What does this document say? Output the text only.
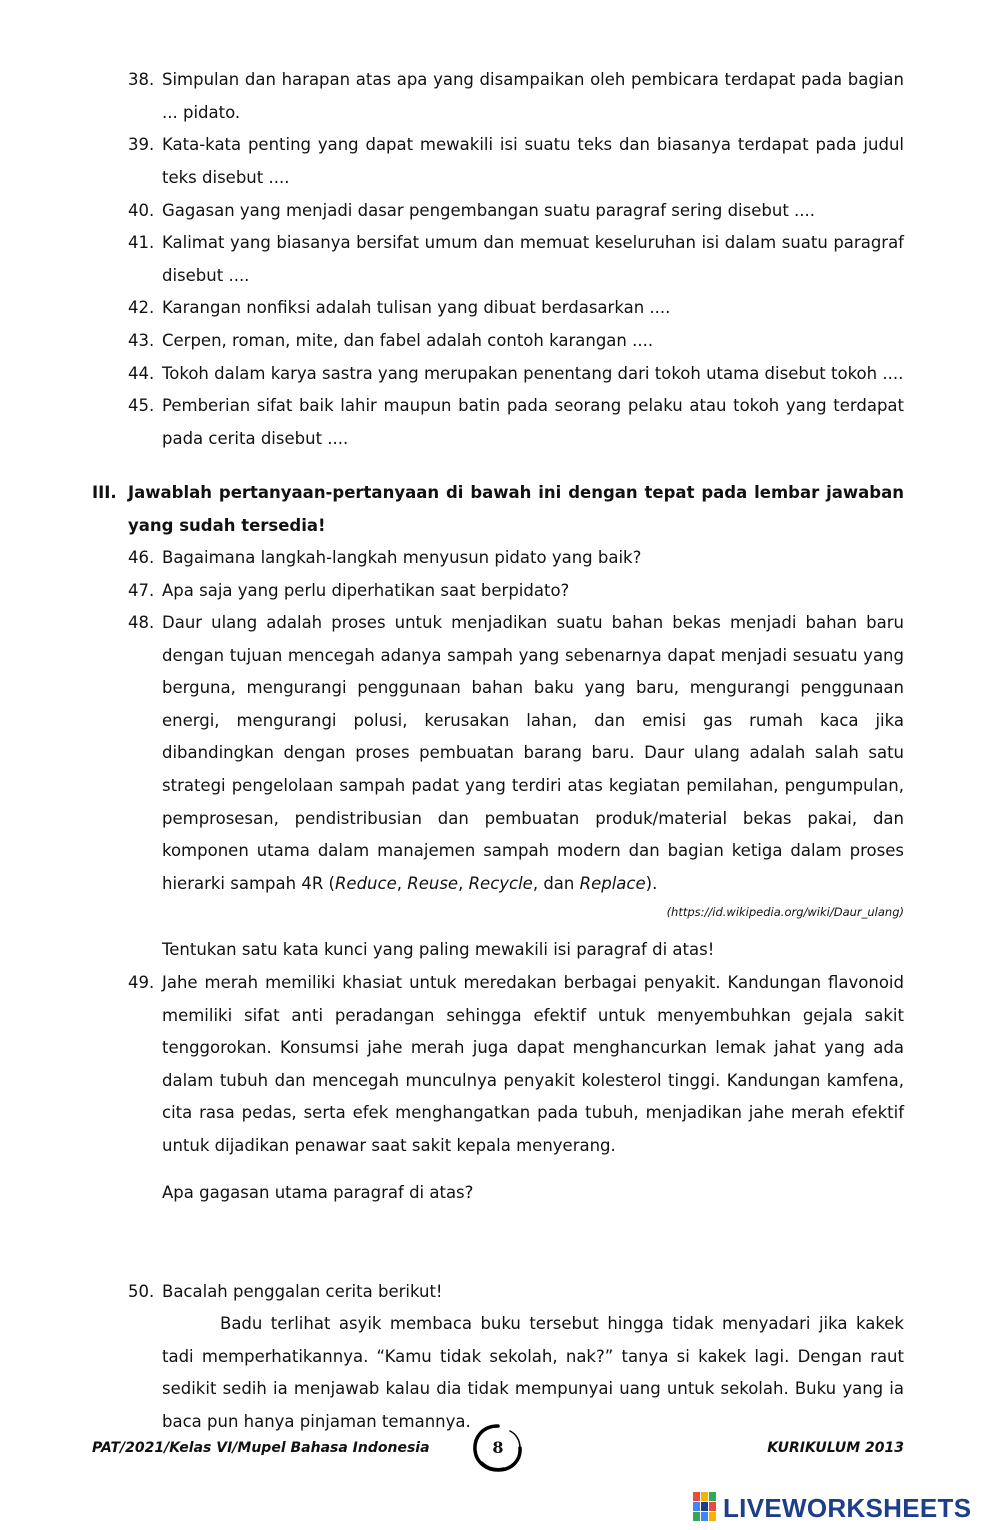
38. Simpulan dan harapan atas apa yang disampaikan oleh pembicara terdapat pada bagian ... pidato.
39. Kata-kata penting yang dapat mewakili isi suatu teks dan biasanya terdapat pada judul teks disebut ....
40. Gagasan yang menjadi dasar pengembangan suatu paragraf sering disebut ....
41. Kalimat yang biasanya bersifat umum dan memuat keseluruhan isi dalam suatu paragraf disebut ....
42. Karangan nonfiksi adalah tulisan yang dibuat berdasarkan ....
43. Cerpen, roman, mite, dan fabel adalah contoh karangan ....
44. Tokoh dalam karya sastra yang merupakan penentang dari tokoh utama disebut tokoh ....
45. Pemberian sifat baik lahir maupun batin pada seorang pelaku atau tokoh yang terdapat pada cerita disebut ....
III. Jawablah pertanyaan-pertanyaan di bawah ini dengan tepat pada lembar jawaban yang sudah tersedia!
46. Bagaimana langkah-langkah menyusun pidato yang baik?
47. Apa saja yang perlu diperhatikan saat berpidato?
48. Daur ulang adalah proses untuk menjadikan suatu bahan bekas menjadi bahan baru dengan tujuan mencegah adanya sampah yang sebenarnya dapat menjadi sesuatu yang berguna, mengurangi penggunaan bahan baku yang baru, mengurangi penggunaan energi, mengurangi polusi, kerusakan lahan, dan emisi gas rumah kaca jika dibandingkan dengan proses pembuatan barang baru. Daur ulang adalah salah satu strategi pengelolaan sampah padat yang terdiri atas kegiatan pemilahan, pengumpulan, pemprosesan, pendistribusian dan pembuatan produk/material bekas pakai, dan komponen utama dalam manajemen sampah modern dan bagian ketiga dalam proses hierarki sampah 4R (Reduce, Reuse, Recycle, dan Replace).
(https://id.wikipedia.org/wiki/Daur_ulang)
Tentukan satu kata kunci yang paling mewakili isi paragraf di atas!
49. Jahe merah memiliki khasiat untuk meredakan berbagai penyakit. Kandungan flavonoid memiliki sifat anti peradangan sehingga efektif untuk menyembuhkan gejala sakit tenggorokan. Konsumsi jahe merah juga dapat menghancurkan lemak jahat yang ada dalam tubuh dan mencegah munculnya penyakit kolesterol tinggi. Kandungan kamfena, cita rasa pedas, serta efek menghangatkan pada tubuh, menjadikan jahe merah efektif untuk dijadikan penawar saat sakit kepala menyerang.
Apa gagasan utama paragraf di atas?
50. Bacalah penggalan cerita berikut!
Badu terlihat asyik membaca buku tersebut hingga tidak menyadari jika kakek tadi memperhatikannya. “Kamu tidak sekolah, nak?” tanya si kakek lagi. Dengan raut sedikit sedih ia menjawab kalau dia tidak mempunyai uang untuk sekolah. Buku yang ia baca pun hanya pinjaman temannya.
PAT/2021/Kelas VI/Mupel Bahasa Indonesia	8	KURIKULUM 2013
LIVEWORKSHEETS
